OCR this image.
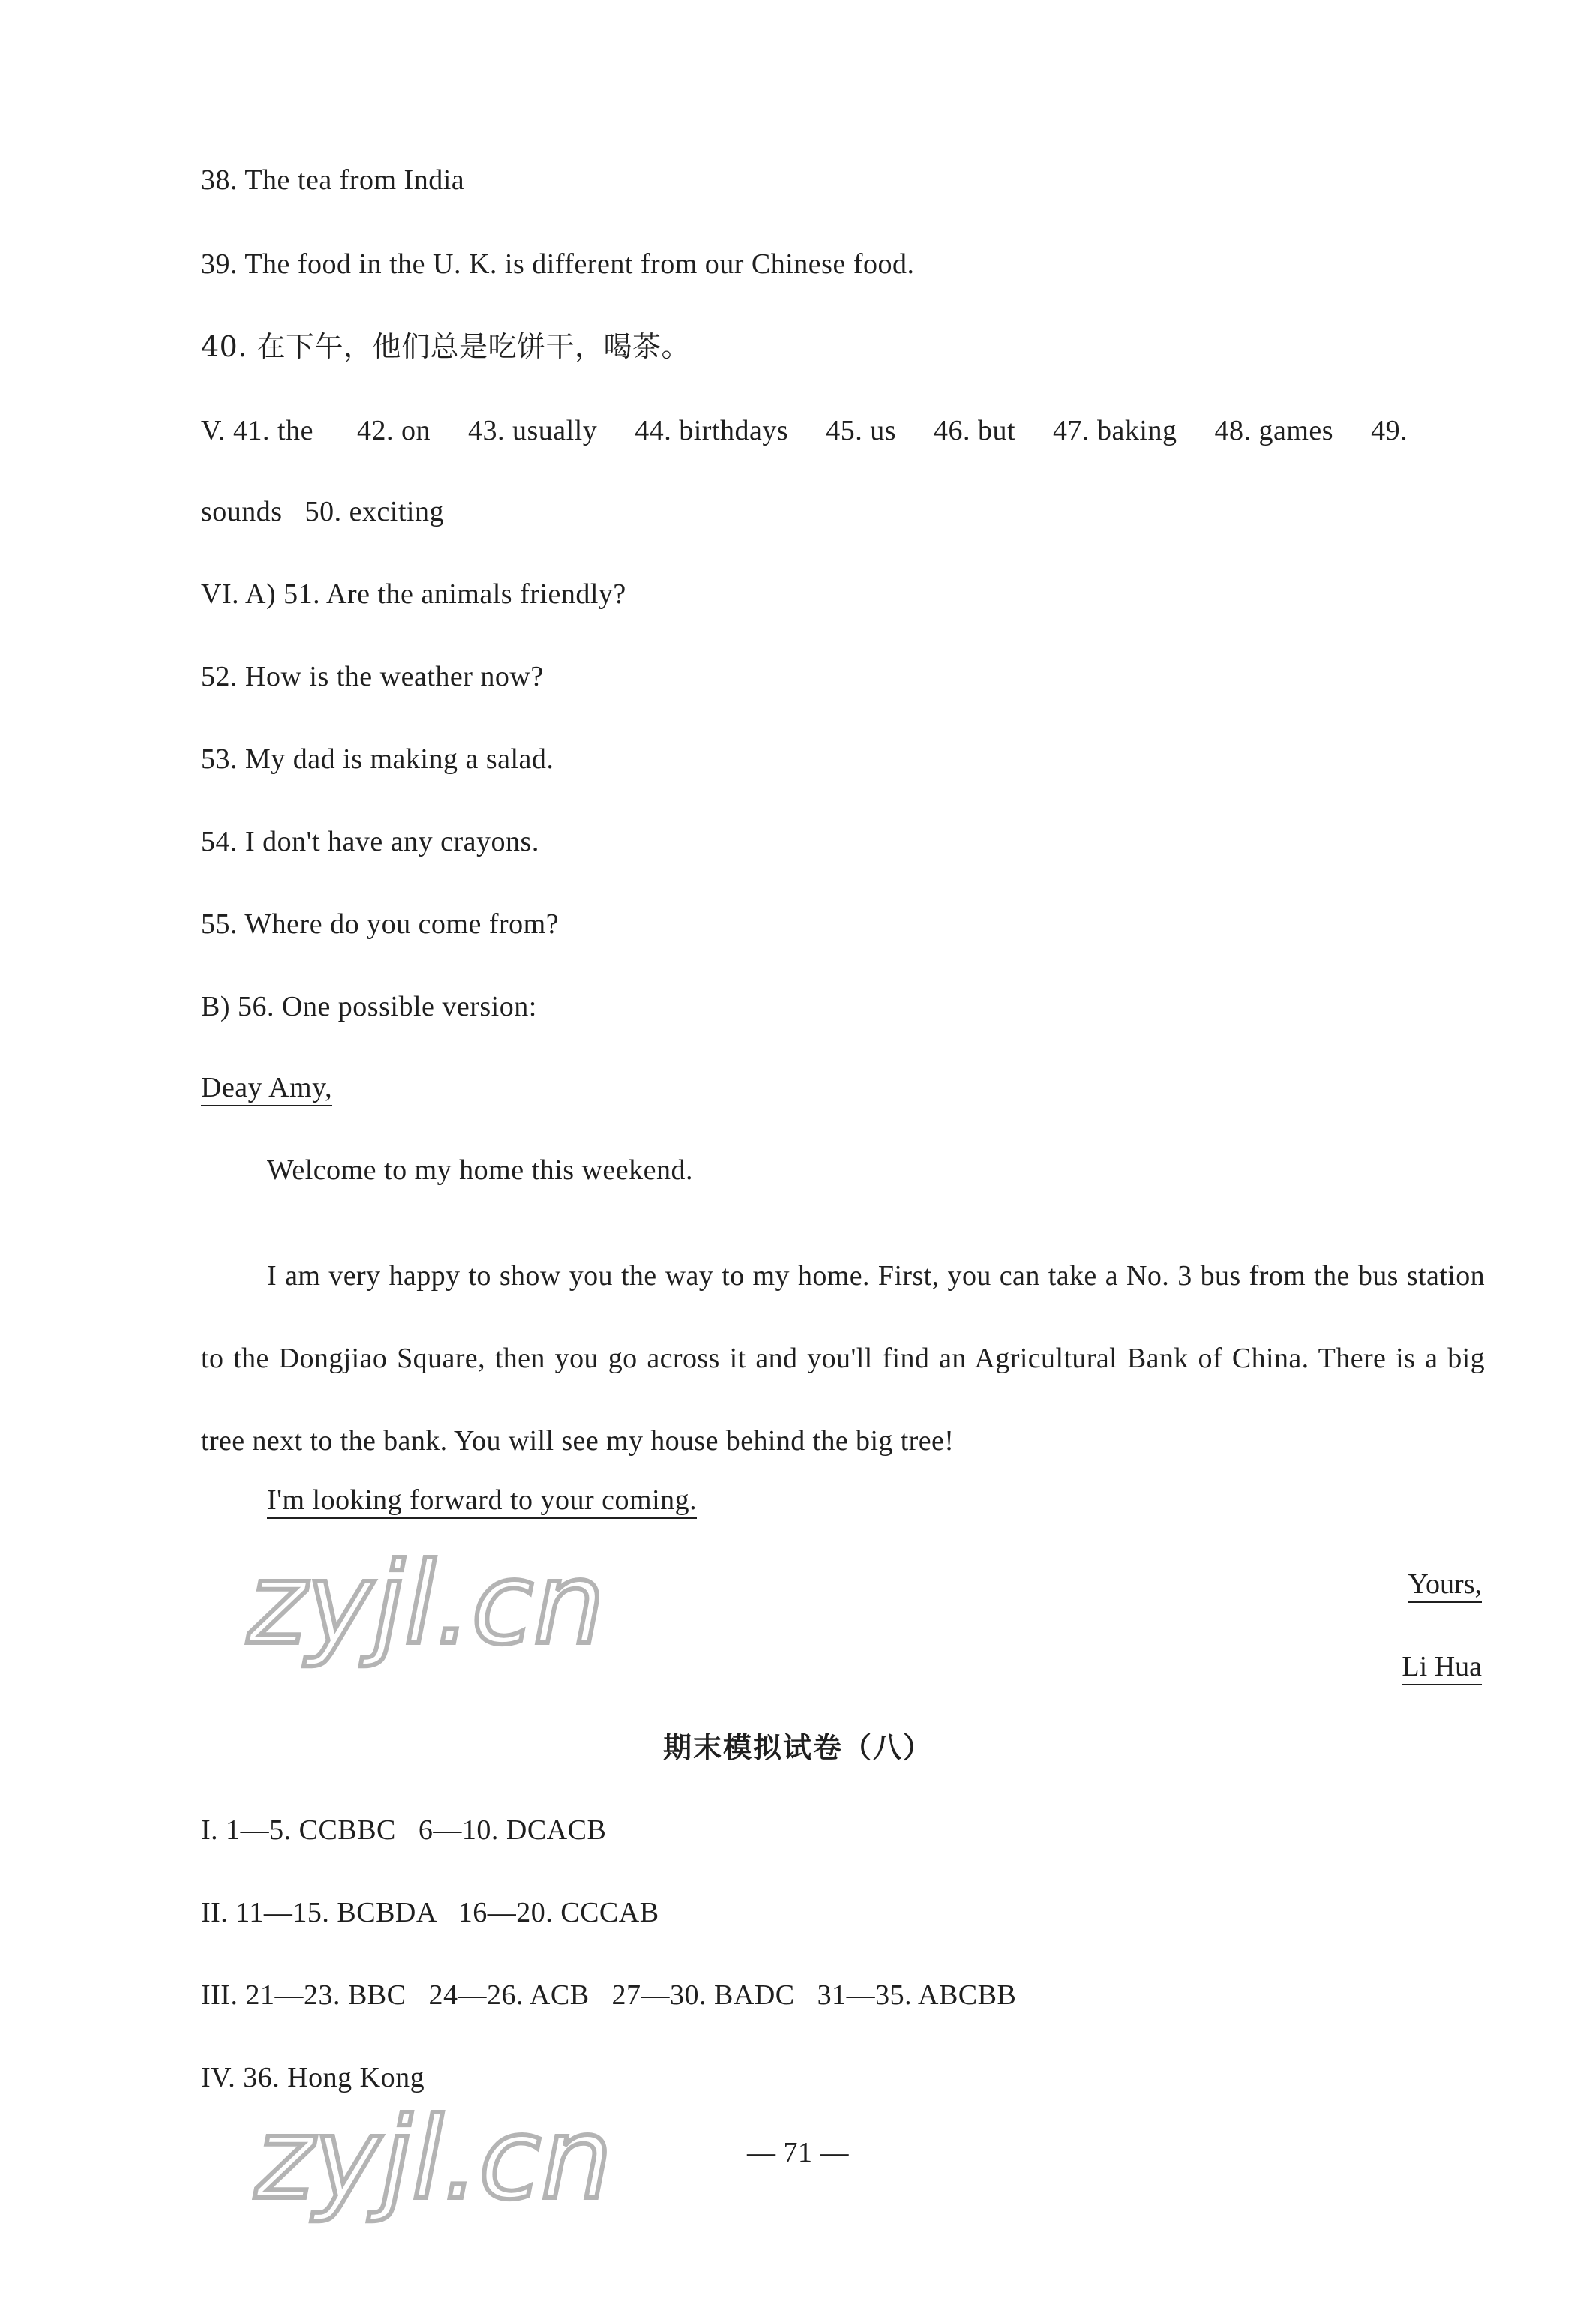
38. The tea from India
39. The food in the U. K. is different from our Chinese food.
40. 在下午，他们总是吃饼干，喝茶。
V. 41. the 42. on 43. usually 44. birthdays 45. us 46. but 47. baking 48. games 49.
sounds   50. exciting
VI. A) 51. Are the animals friendly?
52. How is the weather now?
53. My dad is making a salad.
54. I don't have any crayons.
55. Where do you come from?
B) 56. One possible version:
Deay Amy,
Welcome to my home this weekend.
I am very happy to show you the way to my home. First, you can take a No. 3 bus from the bus station to the Dongjiao Square, then you go across it and you'll find an Agricultural Bank of China. There is a big tree next to the bank. You will see my house behind the big tree!
I'm looking forward to your coming.
Yours,
Li Hua
zyjl.cn
期末模拟试卷（八）
I. 1—5. CCBBC   6—10. DCACB
II. 11—15. BCBDA   16—20. CCCAB
III. 21—23. BBC   24—26. ACB   27—30. BADC   31—35. ABCBB
IV. 36. Hong Kong
— 71 —
zyjl.cn
